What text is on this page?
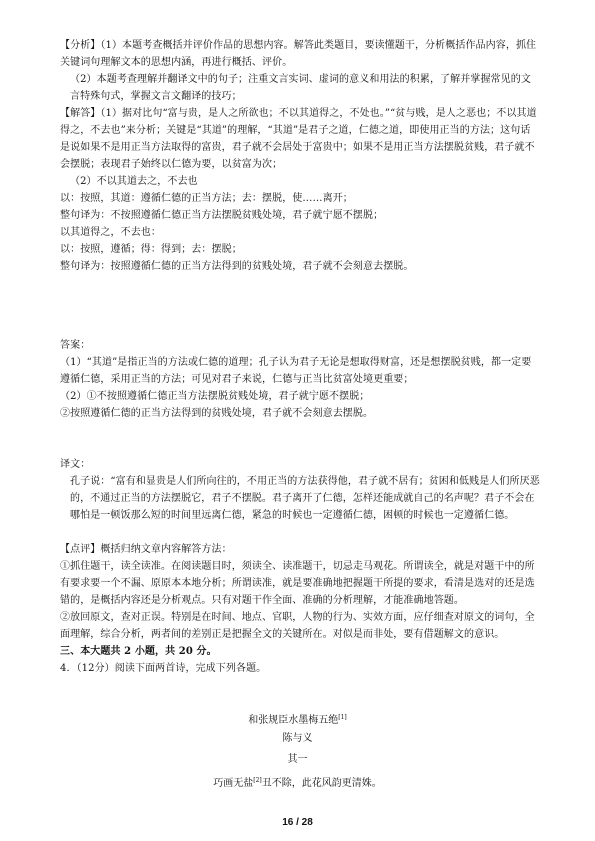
【分析】（1）本题考查概括并评价作品的思想内容。解答此类题目，要读懂题干，分析概括作品内容，抓住关键词句理解文本的思想内涵，再进行概括、评价。

（2）本题考查理解并翻译文中的句子；注重文言实词、虚词的意义和用法的积累，了解并掌握常见的文言特殊句式，掌握文言文翻译的技巧；

【解答】（1）据对比句“富与贵，是人之所欲也；不以其道得之，不处也。”“贫与贱，是人之恶也；不以其道得之，不去也”来分析；关键是“其道”的理解，“其道”是君子之道，仁德之道，即使用正当的方法；这句话是说如果不是用正当方法取得的富贵，君子就不会居处于富贵中；如果不是用正当方法摆脱贫贱，君子就不会摆脱；表现君子始终以仁德为要，以贫富为次；

（2）不以其道去之，不去也

以：按照，其道：遵循仁德的正当方法；去：摆脱，使……离开；

整句译为：不按照遵循仁德正当方法摆脱贫贱处境，君子就宁愿不摆脱；

以其道得之，不去也：

以：按照，遵循；得：得到；去：摆脱；

整句译为：按照遵循仁德的正当方法得到的贫贱处境，君子就不会刻意去摆脱。

答案：

（1）“其道”是指正当的方法或仁德的道理；孔子认为君子无论是想取得财富，还是想摆脱贫贱，都一定要遵循仁德，采用正当的方法；可见对君子来说，仁德与正当比贫富处境更重要；

（2）①不按照遵循仁德正当方法摆脱贫贱处境，君子就宁愿不摆脱；

②按照遵循仁德的正当方法得到的贫贱处境，君子就不会刻意去摆脱。

译文：

孔子说：“富有和显贵是人们所向往的，不用正当的方法获得他，君子就不居有；贫困和低贱是人们所厌恶的，不通过正当的方法摆脱它，君子不摆脱。君子离开了仁德，怎样还能成就自己的名声呢？君子不会在哪怕是一顿饭那么短的时间里远离仁德，紧急的时候也一定遵循仁德，困顿的时候也一定遵循仁德。

【点评】概括归纳文章内容解答方法：

①抓住题干，读全读准。在阅读题目时，须读全、读准题干，切忌走马观花。所谓读全，就是对题干中的所有要求要一个不漏、原原本本地分析；所谓读准，就是要准确地把握题干所提的要求，看清是选对的还是选错的，是概括内容还是分析观点。只有对题干作全面、准确的分析理解，才能准确地答题。

②放回原文，查对正误。特别是在时间、地点、官职，人物的行为、实效方面，应仔细查对原文的词句，全面理解，综合分析，两者间的差别正是把握全文的关键所在。对似是而非处，要有借题解文的意识。

三、本大题共 2 小题，共 20 分。

4．（12分）阅读下面两首诗，完成下列各题。

和张规臣水墨梅五绝[1]
陈与义
其一
巧画无盐[2]丑不除，此花风韵更清姝。
16 / 28
